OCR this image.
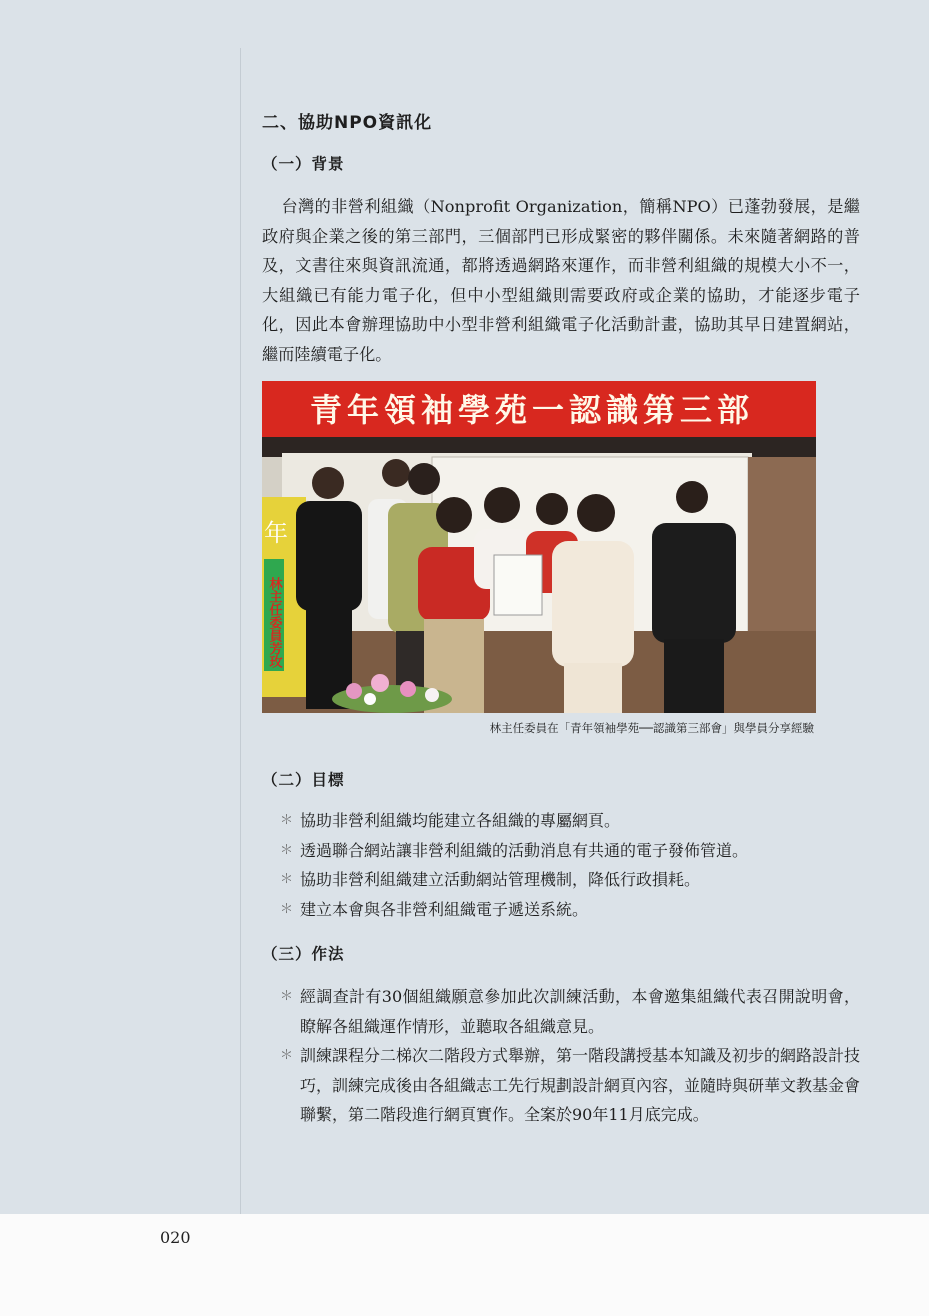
二、協助NPO資訊化
（一）背景

台灣的非營利組織（Nonprofit Organization，簡稱NPO）已蓬勃發展，是繼政府與企業之後的第三部門，三個部門已形成緊密的夥伴關係。未來隨著網路的普及，文書往來與資訊流通，都將透過網路來運作，而非營利組織的規模大小不一，大組織已有能力電子化，但中小型組織則需要政府或企業的協助，才能逐步電子化，因此本會辦理協助中小型非營利組織電子化活動計畫，協助其早日建置網站，繼而陸續電子化。

（二）目標
＊ 協助非營利組織均能建立各組織的專屬網頁。
＊ 透過聯合網站讓非營利組織的活動消息有共通的電子發佈管道。
＊ 協助非營利組織建立活動網站管理機制，降低行政損耗。
＊ 建立本會與各非營利組織電子遞送系統。
（三）作法
＊ 經調查計有30個組織願意參加此次訓練活動，本會邀集組織代表召開說明會，瞭解各組織運作情形，並聽取各組織意見。
＊ 訓練課程分二梯次二階段方式舉辦，第一階段講授基本知識及初步的網路設計技巧，訓練完成後由各組織志工先行規劃設計網頁內容，並隨時與研華文教基金會聯繫，第二階段進行網頁實作。全案於90年11月底完成。
青年領袖學苑一認識第三部
年
林主任委員芳玫
林主任委員在「青年領袖學苑──認識第三部會」與學員分享經驗
020
